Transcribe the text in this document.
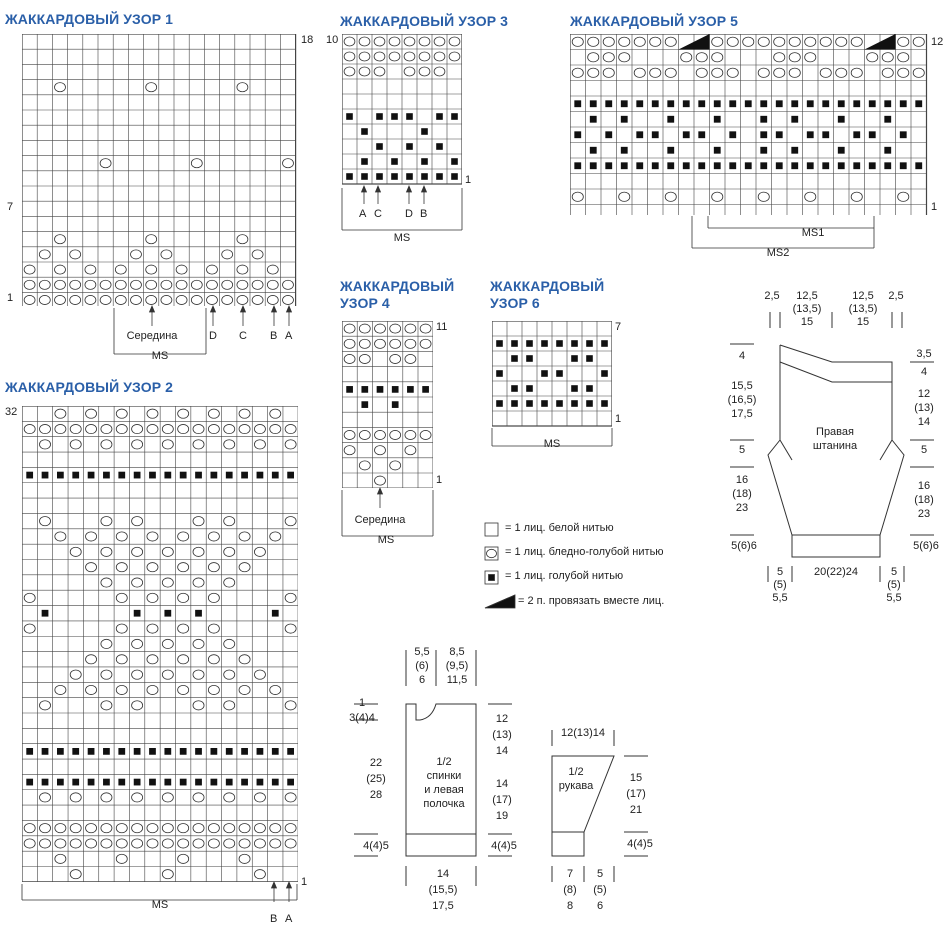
ЖАККАРДОВЫЙ УЗОР 1
ЖАККАРДОВЫЙ УЗОР 2
ЖАККАРДОВЫЙ УЗОР 3
ЖАККАРДОВЫЙ
УЗОР 4
ЖАККАРДОВЫЙ УЗОР 5
ЖАККАРДОВЫЙ
УЗОР 6
18
7
1
Середина
MS
D C B A
32
1
MS
B A
10
1
A C D B
MS
11
1
Середина
MS
12
1
MS1
MS2
7
1
MS
= 1 лиц. белой нитью
= 1 лиц. бледно-голубой нитью
= 1 лиц. голубой нитью
= 2 п. провязать вместе лиц.
2,5	12,5
(13,5)
15
12,5
(13,5)
15
2,5
4
15,5
(16,5)
17,5
5
16
(18)
23
5(6)6
3,5
4
12
(13)
14
5
16
(18)
23
5(6)6
Правая
штанина
5
(5)
5,5
20(22)24	5
(5)
5,5
5,5
(6)
6
8,5
(9,5)
11,5
1
3(4)4
22
(25)
28
4(4)5
12
(13)
14
14
(17)
19
4(4)5
1/2
спинки
и левая
полочка
14
(15,5)
17,5
12(13)14
1/2
рукава
15
(17)
21
4(4)5
7
(8)
8
5
(5)
6
